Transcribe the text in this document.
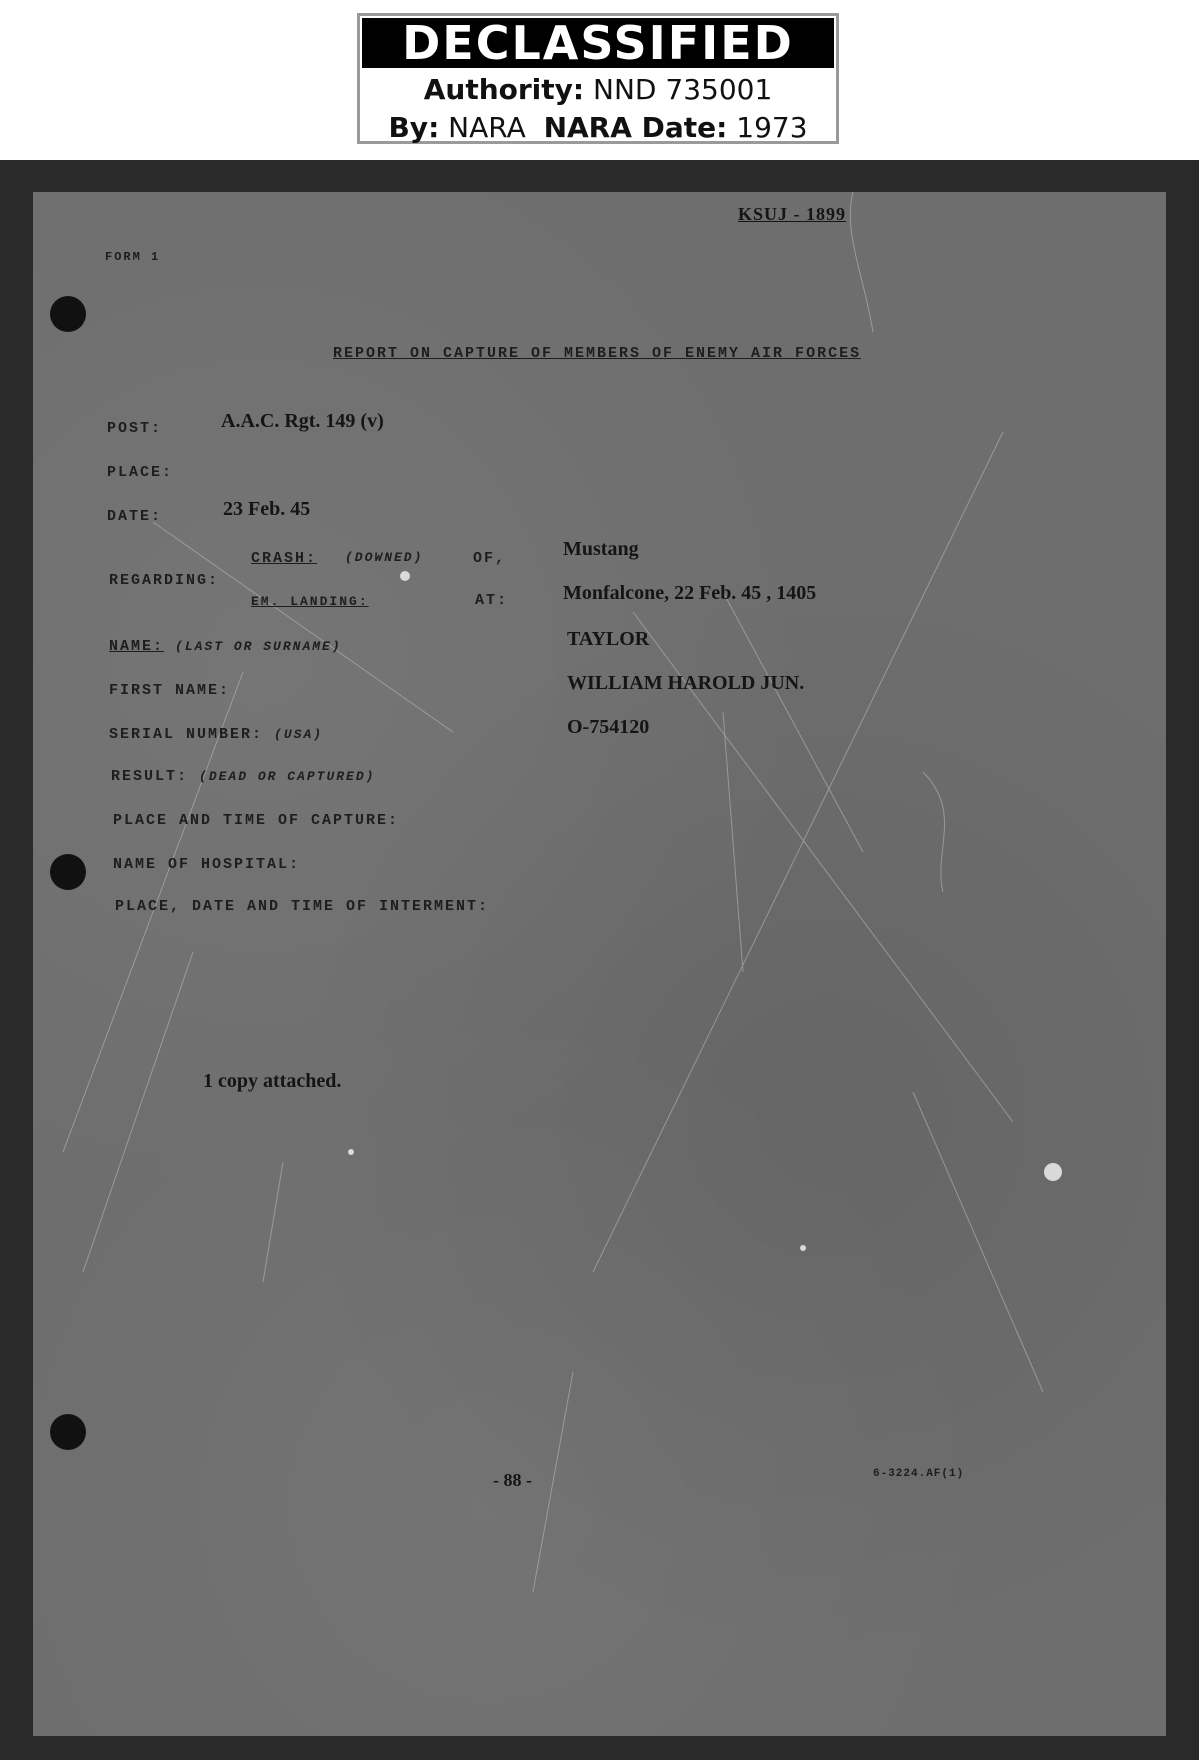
DECLASSIFIED
Authority: NND 735001
By: NARA NARA Date: 1973
KSUJ - 1899
FORM 1
REPORT ON CAPTURE OF MEMBERS OF ENEMY AIR FORCES
POST:	A.A.C. Rgt. 149 (v)
PLACE:
DATE:	23 Feb. 45
CRASH: (DOWNED)	OF,	Mustang
REGARDING:
EM. LANDING:	AT:	Monfalcone, 22 Feb. 45 , 1405
NAME: (LAST OR SURNAME)	TAYLOR
FIRST NAME:	WILLIAM HAROLD JUN.
SERIAL NUMBER: (USA)	O-754120
RESULT: (DEAD OR CAPTURED)
PLACE AND TIME OF CAPTURE:
NAME OF HOSPITAL:
PLACE, DATE AND TIME OF INTERMENT:
1 copy attached.
- 88 -	6-3224.AF(1)
